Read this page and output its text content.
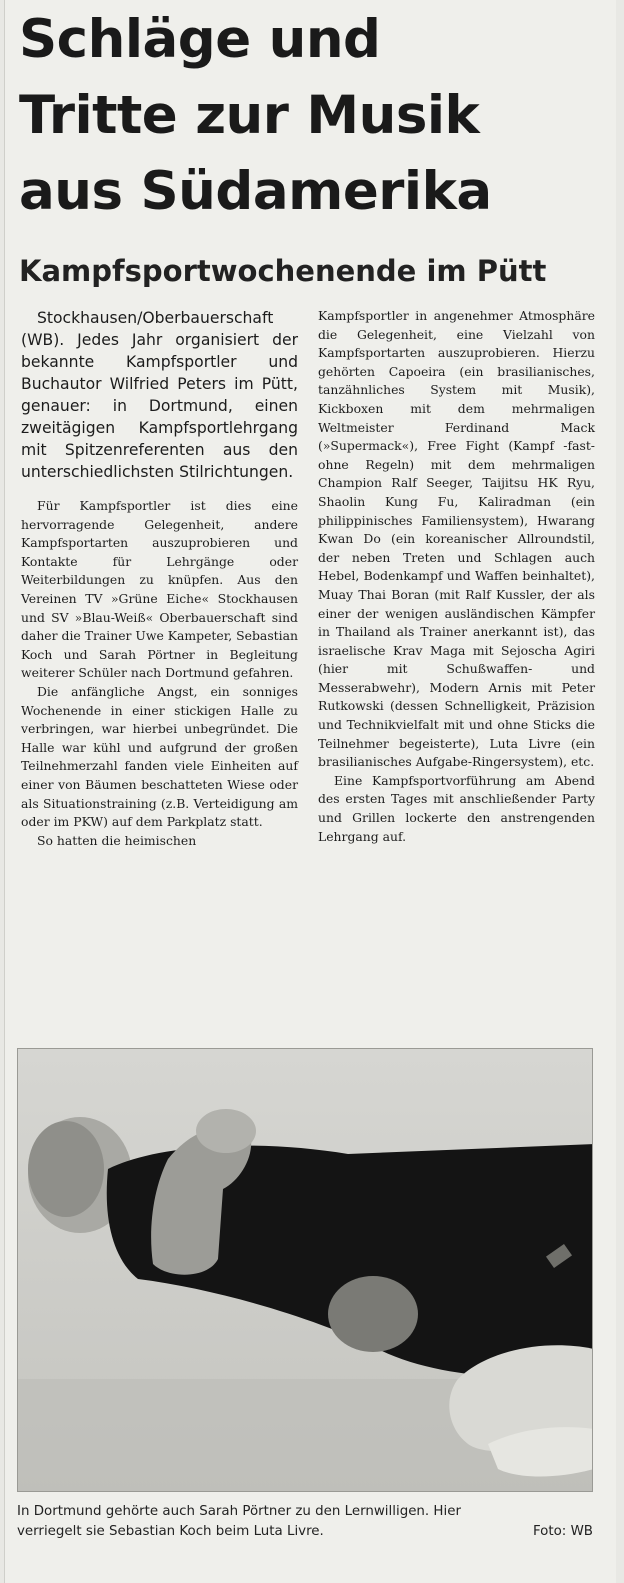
Schläge und
Tritte zur Musik
aus Südamerika
Kampfsportwochenende im Pütt

Stockhausen/Oberbauerschaft (WB). Jedes Jahr organisiert der bekannte Kampfsportler und Buchautor Wilfried Peters im Pütt, genauer: in Dortmund, einen zweitägigen Kampfsportlehrgang mit Spitzenreferenten aus den unterschiedlichsten Stilrichtungen.

Für Kampfsportler ist dies eine hervorragende Gelegenheit, andere Kampfsportarten auszuprobieren und Kontakte für Lehrgänge oder Weiterbildungen zu knüpfen. Aus den Vereinen TV »Grüne Eiche« Stockhausen und SV »Blau-Weiß« Oberbauerschaft sind daher die Trainer Uwe Kampeter, Sebastian Koch und Sarah Pörtner in Begleitung weiterer Schüler nach Dortmund gefahren.

Die anfängliche Angst, ein sonniges Wochenende in einer stickigen Halle zu verbringen, war hierbei unbegründet. Die Halle war kühl und aufgrund der großen Teilnehmerzahl fanden viele Einheiten auf einer von Bäumen beschatteten Wiese oder als Situationstraining (z.B. Verteidigung am oder im PKW) auf dem Parkplatz statt.

So hatten die heimischen

Kampfsportler in angenehmer Atmosphäre die Gelegenheit, eine Vielzahl von Kampfsportarten auszuprobieren. Hierzu gehörten Capoeira (ein brasilianisches, tanzähnliches System mit Musik), Kickboxen mit dem mehrmaligen Weltmeister Ferdinand Mack (»Supermack«), Free Fight (Kampf -fast- ohne Regeln) mit dem mehrmaligen Champion Ralf Seeger, Taijitsu HK Ryu, Shaolin Kung Fu, Kaliradman (ein philippinisches Familiensystem), Hwarang Kwan Do (ein koreanischer Allroundstil, der neben Treten und Schlagen auch Hebel, Bodenkampf und Waffen beinhaltet), Muay Thai Boran (mit Ralf Kussler, der als einer der wenigen ausländischen Kämpfer in Thailand als Trainer anerkannt ist), das israelische Krav Maga mit Sejoscha Agiri (hier mit Schußwaffen- und Messerabwehr), Modern Arnis mit Peter Rutkowski (dessen Schnelligkeit, Präzision und Technikvielfalt mit und ohne Sticks die Teilnehmer begeisterte), Luta Livre (ein brasilianisches Aufgabe-Ringersystem), etc.

Eine Kampfsportvorführung am Abend des ersten Tages mit anschließender Party und Grillen lockerte den anstrengenden Lehrgang auf.

In Dortmund gehörte auch Sarah Pörtner zu den Lernwilligen. Hier
verriegelt sie Sebastian Koch beim Luta Livre.	Foto: WB
